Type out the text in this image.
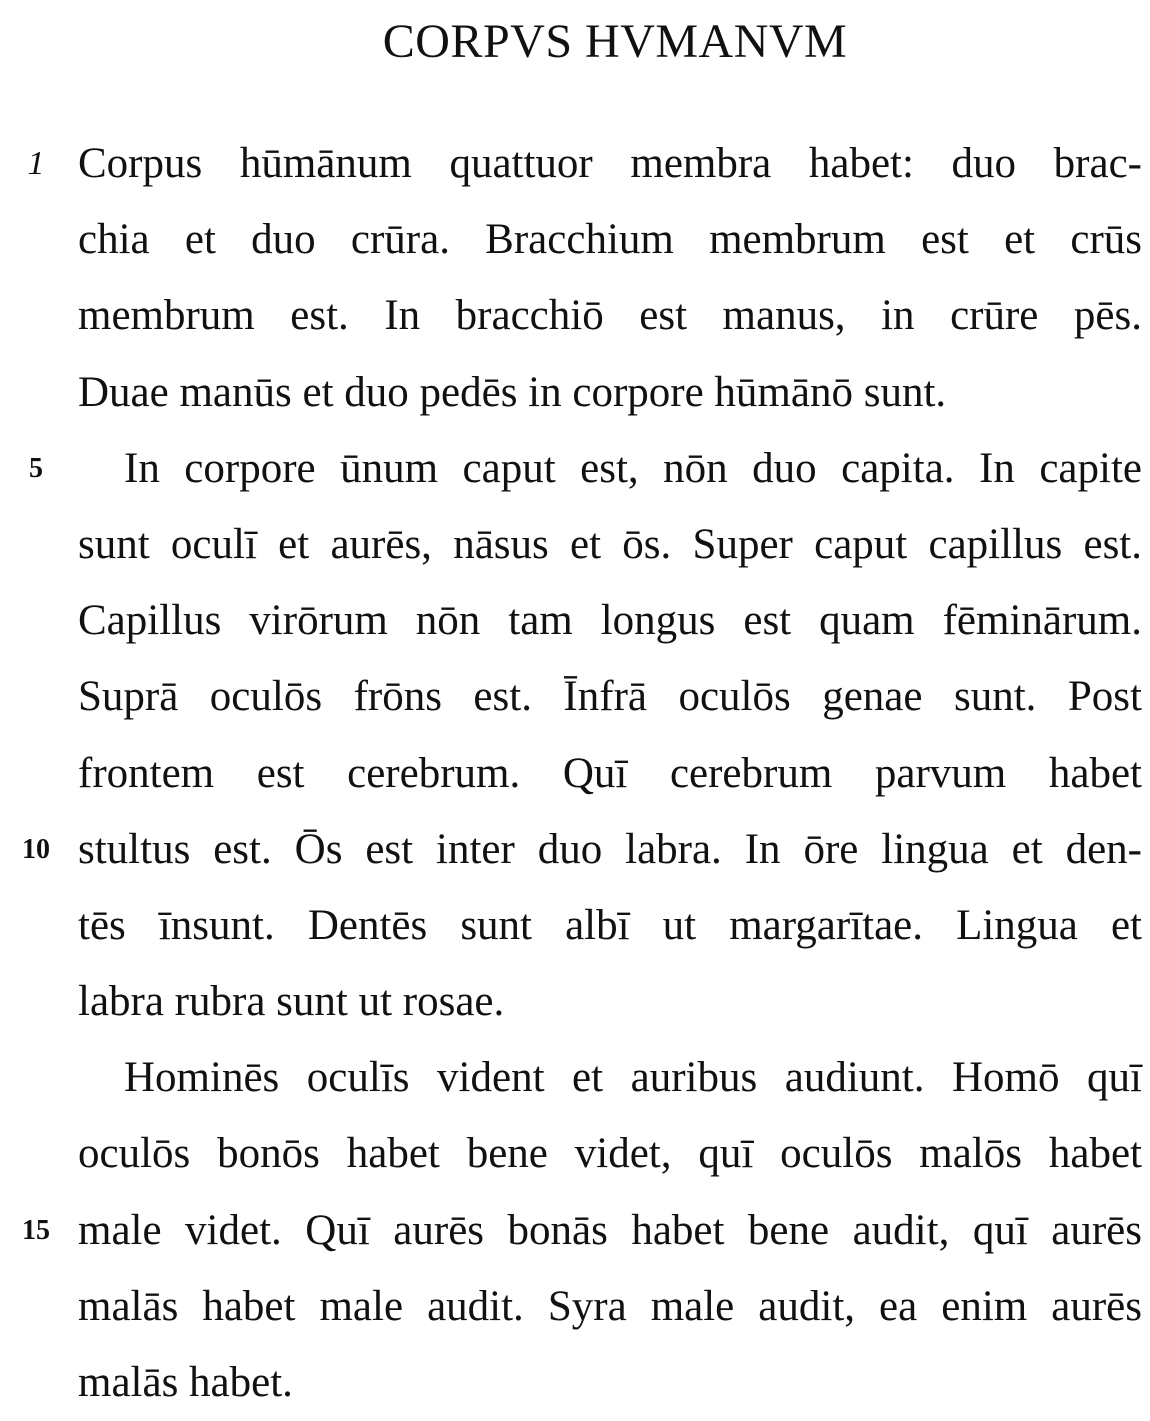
CORPVS HVMANVM
1 Corpus hūmānum quattuor membra habet: duo brac-
chia et duo crūra. Bracchium membrum est et crūs
membrum est. In bracchiō est manus, in crūre pēs.
Duae manūs et duo pedēs in corpore hūmānō sunt.
5	In corpore ūnum caput est, nōn duo capita. In capite
sunt oculī et aurēs, nāsus et ōs. Super caput capillus est.
Capillus virōrum nōn tam longus est quam fēminārum.
Suprā oculōs frōns est. Īnfrā oculōs genae sunt. Post
frontem est cerebrum. Quī cerebrum parvum habet
10 stultus est. Ōs est inter duo labra. In ōre lingua et den-
tēs īnsunt. Dentēs sunt albī ut margarītae. Lingua et
labra rubra sunt ut rosae.
Hominēs oculīs vident et auribus audiunt. Homō quī
oculōs bonōs habet bene videt, quī oculōs malōs habet
15 male videt. Quī aurēs bonās habet bene audit, quī aurēs
malās habet male audit. Syra male audit, ea enim aurēs
malās habet.
